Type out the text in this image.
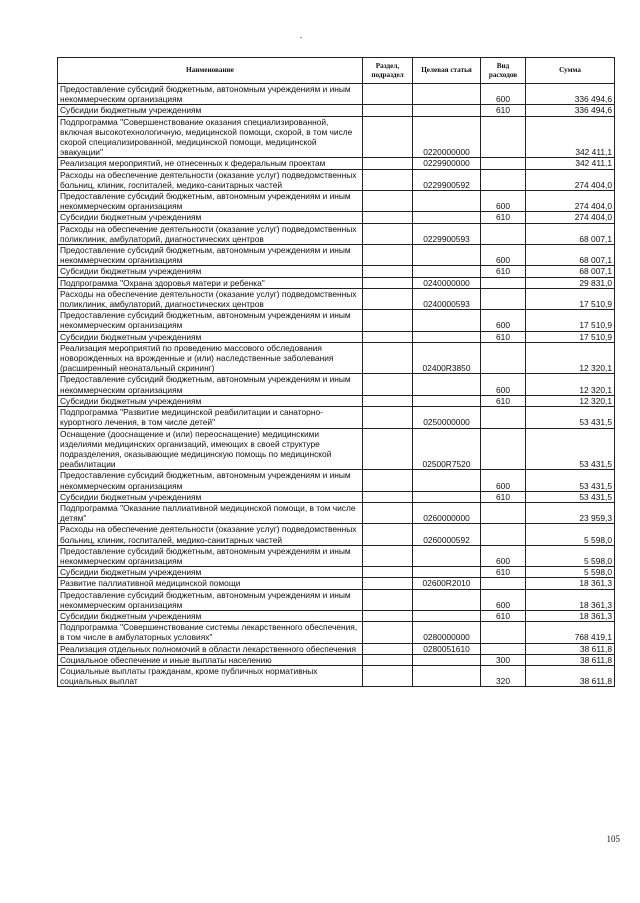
Наименование	Раздел, подраздел	Целевая статья	Вид расходов	Сумма
Предоставление субсидий бюджетным, автономным учреждениям и иным некоммерческим организациям			600	336 494,6
Субсидии бюджетным учреждениям			610	336 494,6
Подпрограмма "Совершенствование оказания специализированной, включая высокотехнологичную, медицинской помощи, скорой, в том числе скорой специализированной, медицинской помощи, медицинской эвакуации"		0220000000		342 411,1
Реализация мероприятий, не отнесенных к федеральным проектам		0229900000		342 411,1
Расходы на обеспечение деятельности (оказание услуг) подведомственных больниц, клиник, госпиталей, медико-санитарных частей		0229900592		274 404,0
Предоставление субсидий бюджетным, автономным учреждениям и иным некоммерческим организациям			600	274 404,0
Субсидии бюджетным учреждениям			610	274 404,0
Расходы на обеспечение деятельности (оказание услуг) подведомственных поликлиник, амбулаторий, диагностических центров		0229900593		68 007,1
Предоставление субсидий бюджетным, автономным учреждениям и иным некоммерческим организациям			600	68 007,1
Субсидии бюджетным учреждениям			610	68 007,1
Подпрограмма "Охрана здоровья матери и ребенка"		0240000000		29 831,0
Расходы на обеспечение деятельности (оказание услуг) подведомственных поликлиник, амбулаторий, диагностических центров		0240000593		17 510,9
Предоставление субсидий бюджетным, автономным учреждениям и иным некоммерческим организациям			600	17 510,9
Субсидии бюджетным учреждениям			610	17 510,9
Реализация мероприятий по проведению массового обследования новорожденных на врожденные и (или) наследственные заболевания (расширенный неонатальный скрининг)		02400R3850		12 320,1
Предоставление субсидий бюджетным, автономным учреждениям и иным некоммерческим организациям			600	12 320,1
Субсидии бюджетным учреждениям			610	12 320,1
Подпрограмма "Развитие медицинской реабилитации и санаторно-курортного лечения, в том числе детей"		0250000000		53 431,5
Оснащение (дооснащение и (или) переоснащение) медицинскими изделиями медицинских организаций, имеющих в своей структуре подразделения, оказывающие медицинскую помощь по медицинской реабилитации		02500R7520		53 431,5
Предоставление субсидий бюджетным, автономным учреждениям и иным некоммерческим организациям			600	53 431,5
Субсидии бюджетным учреждениям			610	53 431,5
Подпрограмма "Оказание паллиативной медицинской помощи, в том числе детям"		0260000000		23 959,3
Расходы на обеспечение деятельности (оказание услуг) подведомственных больниц, клиник, госпиталей, медико-санитарных частей		0260000592		5 598,0
Предоставление субсидий бюджетным, автономным учреждениям и иным некоммерческим организациям			600	5 598,0
Субсидии бюджетным учреждениям			610	5 598,0
Развитие паллиативной медицинской помощи		02600R2010		18 361,3
Предоставление субсидий бюджетным, автономным учреждениям и иным некоммерческим организациям			600	18 361,3
Субсидии бюджетным учреждениям			610	18 361,3
Подпрограмма "Совершенствование системы лекарственного обеспечения, в том числе в амбулаторных условиях"		0280000000		768 419,1
Реализация отдельных полномочий в области лекарственного обеспечения		0280051610		38 611,8
Социальное обеспечение и иные выплаты населению			300	38 611,8
Социальные выплаты гражданам, кроме публичных нормативных социальных выплат			320	38 611,8
105
